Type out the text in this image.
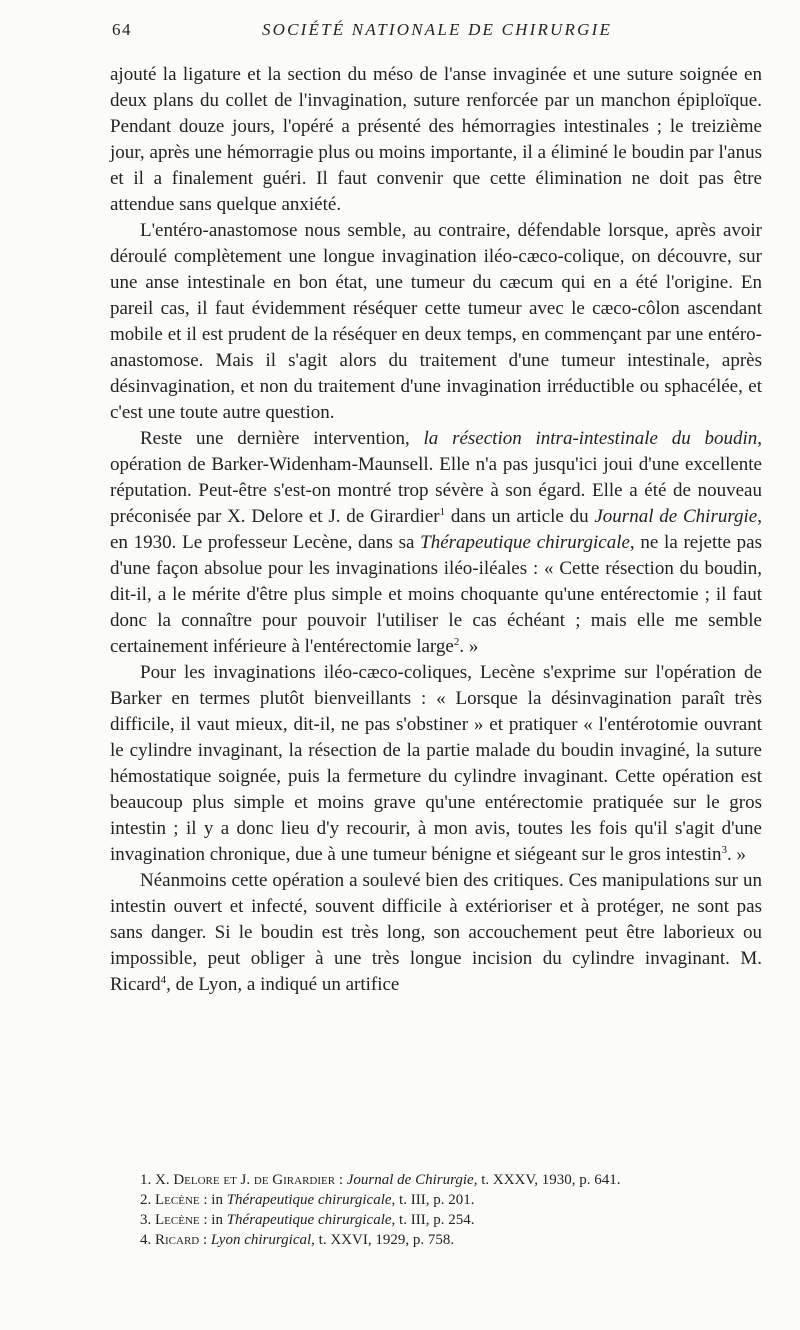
64	SOCIÉTÉ NATIONALE DE CHIRURGIE

ajouté la ligature et la section du méso de l'anse invaginée et une suture soignée en deux plans du collet de l'invagination, suture renforcée par un manchon épiploïque. Pendant douze jours, l'opéré a présenté des hémorragies intestinales ; le treizième jour, après une hémorragie plus ou moins importante, il a éliminé le boudin par l'anus et il a finalement guéri. Il faut convenir que cette élimination ne doit pas être attendue sans quelque anxiété.

L'entéro-anastomose nous semble, au contraire, défendable lorsque, après avoir déroulé complètement une longue invagination iléo-cæco-colique, on découvre, sur une anse intestinale en bon état, une tumeur du cæcum qui en a été l'origine. En pareil cas, il faut évidemment réséquer cette tumeur avec le cæco-côlon ascendant mobile et il est prudent de la réséquer en deux temps, en commençant par une entéro-anastomose. Mais il s'agit alors du traitement d'une tumeur intestinale, après désinvagination, et non du traitement d'une invagination irréductible ou sphacélée, et c'est une toute autre question.

Reste une dernière intervention, la résection intra-intestinale du boudin, opération de Barker-Widenham-Maunsell. Elle n'a pas jusqu'ici joui d'une excellente réputation. Peut-être s'est-on montré trop sévère à son égard. Elle a été de nouveau préconisée par X. Delore et J. de Girardier$^1$ dans un article du Journal de Chirurgie, en 1930. Le professeur Lecène, dans sa Thérapeutique chirurgicale, ne la rejette pas d'une façon absolue pour les invaginations iléo-iléales : « Cette résection du boudin, dit-il, a le mérite d'être plus simple et moins choquante qu'une entérectomie ; il faut donc la connaître pour pouvoir l'utiliser le cas échéant ; mais elle me semble certainement inférieure à l'entérectomie large$^2$. »

Pour les invaginations iléo-cæco-coliques, Lecène s'exprime sur l'opération de Barker en termes plutôt bienveillants : « Lorsque la désinvagination paraît très difficile, il vaut mieux, dit-il, ne pas s'obstiner » et pratiquer « l'entérotomie ouvrant le cylindre invaginant, la résection de la partie malade du boudin invaginé, la suture hémostatique soignée, puis la fermeture du cylindre invaginant. Cette opération est beaucoup plus simple et moins grave qu'une entérectomie pratiquée sur le gros intestin ; il y a donc lieu d'y recourir, à mon avis, toutes les fois qu'il s'agit d'une invagination chronique, due à une tumeur bénigne et siégeant sur le gros intestin$^3$. »

Néanmoins cette opération a soulevé bien des critiques. Ces manipulations sur un intestin ouvert et infecté, souvent difficile à extérioriser et à protéger, ne sont pas sans danger. Si le boudin est très long, son accouchement peut être laborieux ou impossible, peut obliger à une très longue incision du cylindre invaginant. M. Ricard$^4$, de Lyon, a indiqué un artifice

1. X. Delore et J. de Girardier : Journal de Chirurgie, t. XXXV, 1930, p. 641.
2. Lecène : in Thérapeutique chirurgicale, t. III, p. 201.
3. Lecène : in Thérapeutique chirurgicale, t. III, p. 254.
4. Ricard : Lyon chirurgical, t. XXVI, 1929, p. 758.
